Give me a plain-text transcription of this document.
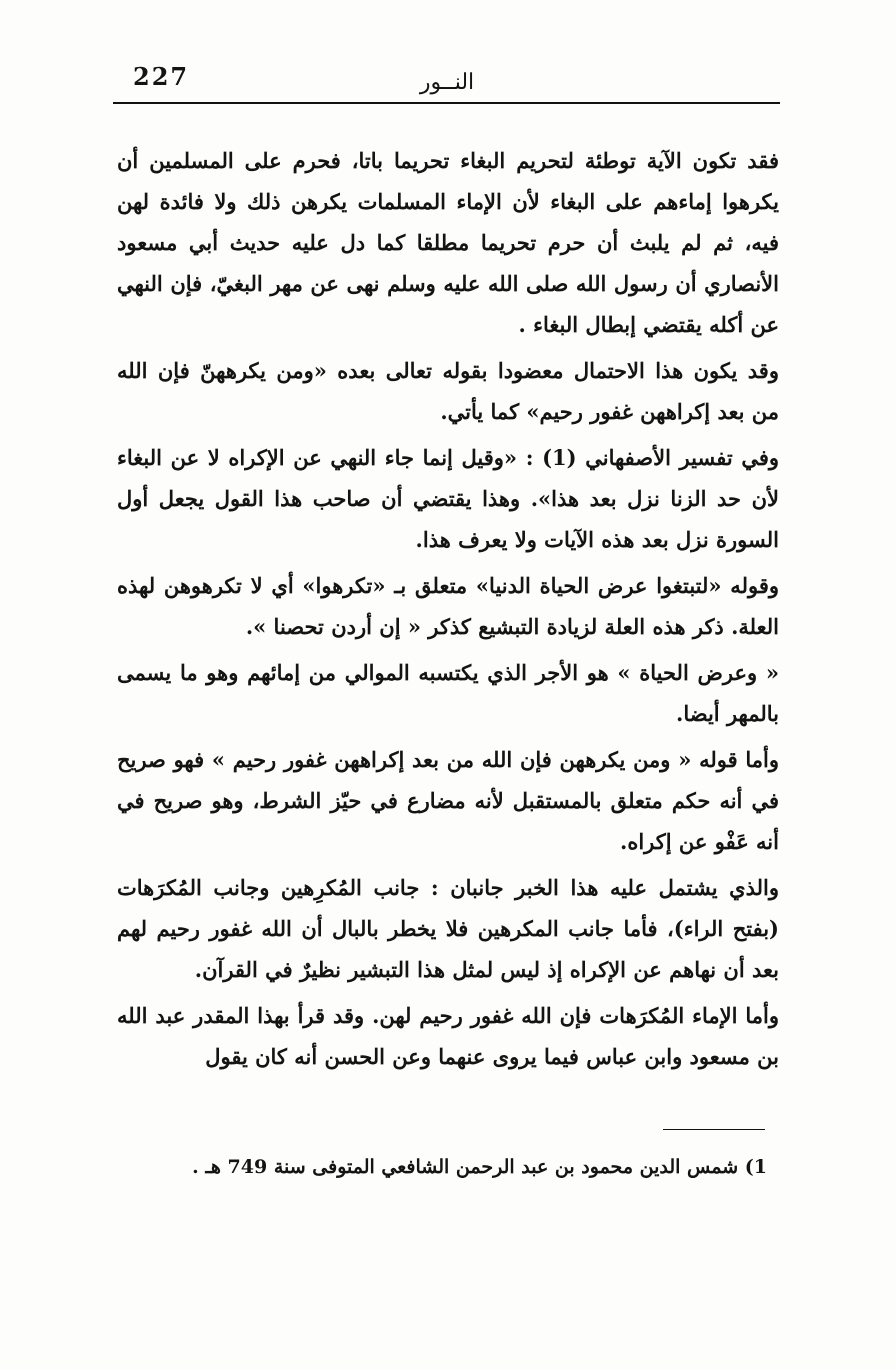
227	النــور

فقد تكون الآية توطئة لتحريم البغاء تحريما باتا، فحرم على المسلمين أن يكرهوا إماءهم على البغاء لأن الإماء المسلمات يكرهن ذلك ولا فائدة لهن فيه، ثم لم يلبث أن حرم تحريما مطلقا كما دل عليه حديث أبي مسعود الأنصاري أن رسول الله صلى الله عليه وسلم نهى عن مهر البغيّ، فإن النهي عن أكله يقتضي إبطال البغاء .

وقد يكون هذا الاحتمال معضودا بقوله تعالى بعده «ومن يكرههنّ فإن الله من بعد إكراههن غفور رحيم» كما يأتي.

وفي تفسير الأصفهاني (1) : «وقيل إنما جاء النهي عن الإكراه لا عن البغاء لأن حد الزنا نزل بعد هذا». وهذا يقتضي أن صاحب هذا القول يجعل أول السورة نزل بعد هذه الآيات ولا يعرف هذا.

وقوله «لتبتغوا عرض الحياة الدنيا» متعلق بـ «تكرهوا» أي لا تكرهوهن لهذه العلة. ذكر هذه العلة لزيادة التبشيع كذكر « إن أردن تحصنا ».

« وعرض الحياة » هو الأجر الذي يكتسبه الموالي من إمائهم وهو ما يسمى بالمهر أيضا.

وأما قوله « ومن يكرههن فإن الله من بعد إكراههن غفور رحيم » فهو صريح في أنه حكم متعلق بالمستقبل لأنه مضارع في حيّز الشرط، وهو صريح في أنه عَفْو عن إكراه.

والذي يشتمل عليه هذا الخبر جانبان : جانب المُكرِهين وجانب المُكرَهات (بفتح الراء)، فأما جانب المكرهين فلا يخطر بالبال أن الله غفور رحيم لهم بعد أن نهاهم عن الإكراه إذ ليس لمثل هذا التبشير نظيرٌ في القرآن.

وأما الإماء المُكرَهات فإن الله غفور رحيم لهن. وقد قرأ بهذا المقدر عبد الله بن مسعود وابن عباس فيما يروى عنهما وعن الحسن أنه كان يقول

1) شمس الدين محمود بن عبد الرحمن الشافعي المتوفى سنة 749 هـ .
